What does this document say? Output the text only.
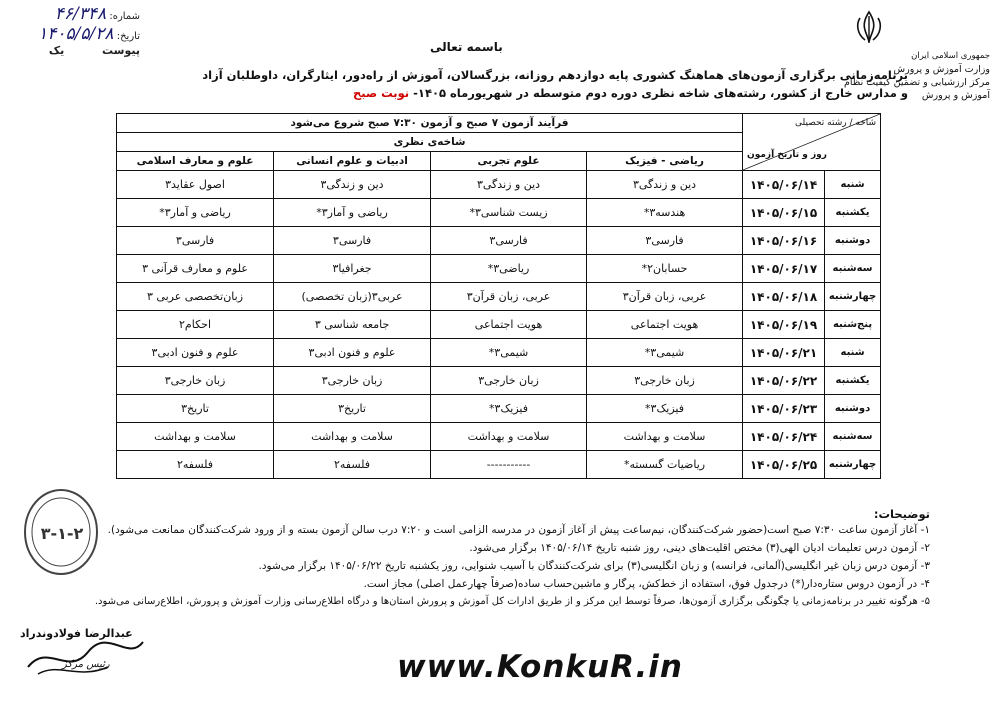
شماره: ۴۶/۳۴۸
تاریخ: ۱۴۰۵/۵/۲۸
پیوست  یک	جمهوری اسلامی ایران
وزارت آموزش و پرورش
مرکز ارزشیابی و تضمین کیفیت نظام آموزش و پرورش
باسمه تعالی
برنامه‌زمانی برگزاری آزمون‌های هماهنگ کشوری پایه دوازدهم روزانه، بزرگسالان، آموزش از راه‌دور، ایثارگران، داوطلبان آزاد
و مدارس خارج از کشور، رشته‌های شاخه نظری دوره دوم متوسطه در شهریورماه ۱۴۰۵- نوبت صبح
شاخه / رشته تحصیلی
روز و تاریخ آزمون		فرآیند آزمون ۷ صبح و آزمون ۷:۳۰ صبح شروع می‌شود			
		شاخه‌ی نظری			
		ریاضی - فیزیک	علوم تجربی	ادبیات و علوم انسانی	علوم و معارف اسلامی
شنبه	۱۴۰۵/۰۶/۱۴	دین و زندگی۳	دین و زندگی۳	دین و زندگی۳	اصول عقاید۳
یکشنبه	۱۴۰۵/۰۶/۱۵	هندسه۳*	زیست شناسی۳*	ریاضی و آمار۳*	ریاضی و آمار۳*
دوشنبه	۱۴۰۵/۰۶/۱۶	فارسی۳	فارسی۳	فارسی۳	فارسی۳
سه‌شنبه	۱۴۰۵/۰۶/۱۷	حسابان۲*	ریاضی۳*	جغرافیا۳	علوم و معارف قرآنی ۳
چهارشنبه	۱۴۰۵/۰۶/۱۸	عربی، زبان قرآن۳	عربی، زبان قرآن۳	عربی۳(زبان تخصصی)	زبان‌تخصصی عربی ۳
پنج‌شنبه	۱۴۰۵/۰۶/۱۹	هویت اجتماعی	هویت اجتماعی	جامعه شناسی ۳	احکام۲
شنبه	۱۴۰۵/۰۶/۲۱	شیمی۳*	شیمی۳*	علوم و فنون ادبی۳	علوم و فنون ادبی۳
یکشنبه	۱۴۰۵/۰۶/۲۲	زبان خارجی۳	زبان خارجی۳	زبان خارجی۳	زبان خارجی۳
دوشنبه	۱۴۰۵/۰۶/۲۳	فیزیک۳*	فیزیک۳*	تاریخ۳	تاریخ۳
سه‌شنبه	۱۴۰۵/۰۶/۲۴	سلامت و بهداشت	سلامت و بهداشت	سلامت و بهداشت	سلامت و بهداشت
چهارشنبه	۱۴۰۵/۰۶/۲۵	ریاضیات گسسته*	-----------	فلسفه۲	فلسفه۲
توضیحات:
۱- آغاز آزمون ساعت ۷:۳۰ صبح است(حضور شرکت‌کنندگان، نیم‌ساعت پیش از آغاز آزمون در مدرسه الزامی است و ۷:۲۰ درب سالن آزمون بسته و از ورود شرکت‌کنندگان ممانعت می‌شود).
۲- آزمون درس تعلیمات ادیان الهی(۳) مختص اقلیت‌های دینی، روز شنبه تاریخ ۱۴۰۵/۰۶/۱۴ برگزار می‌شود.
۳- آزمون درس زبان غیر انگلیسی(آلمانی، فرانسه) و زبان انگلیسی(۳) برای شرکت‌کنندگان با آسیب شنوایی، روز یکشنبه تاریخ ۱۴۰۵/۰۶/۲۲ برگزار می‌شود.
۴- در آزمون دروس ستاره‌دار(*) درجدول فوق، استفاده از خط‌کش، پرگار و ماشین‌حساب ساده(صرفاً چهارعمل اصلی) مجاز است.
۵- هرگونه تغییر در برنامه‌زمانی یا چگونگی برگزاری آزمون‌ها، صرفاً توسط این مرکز و از طریق ادارات کل آموزش و پرورش استان‌ها و درگاه اطلاع‌رسانی وزارت آموزش و پرورش، اطلاع‌رسانی می‌شود.
۳-۱-۲
عبدالرضا فولادوندراد
رئیس مرکز	www.KonkuR.in
